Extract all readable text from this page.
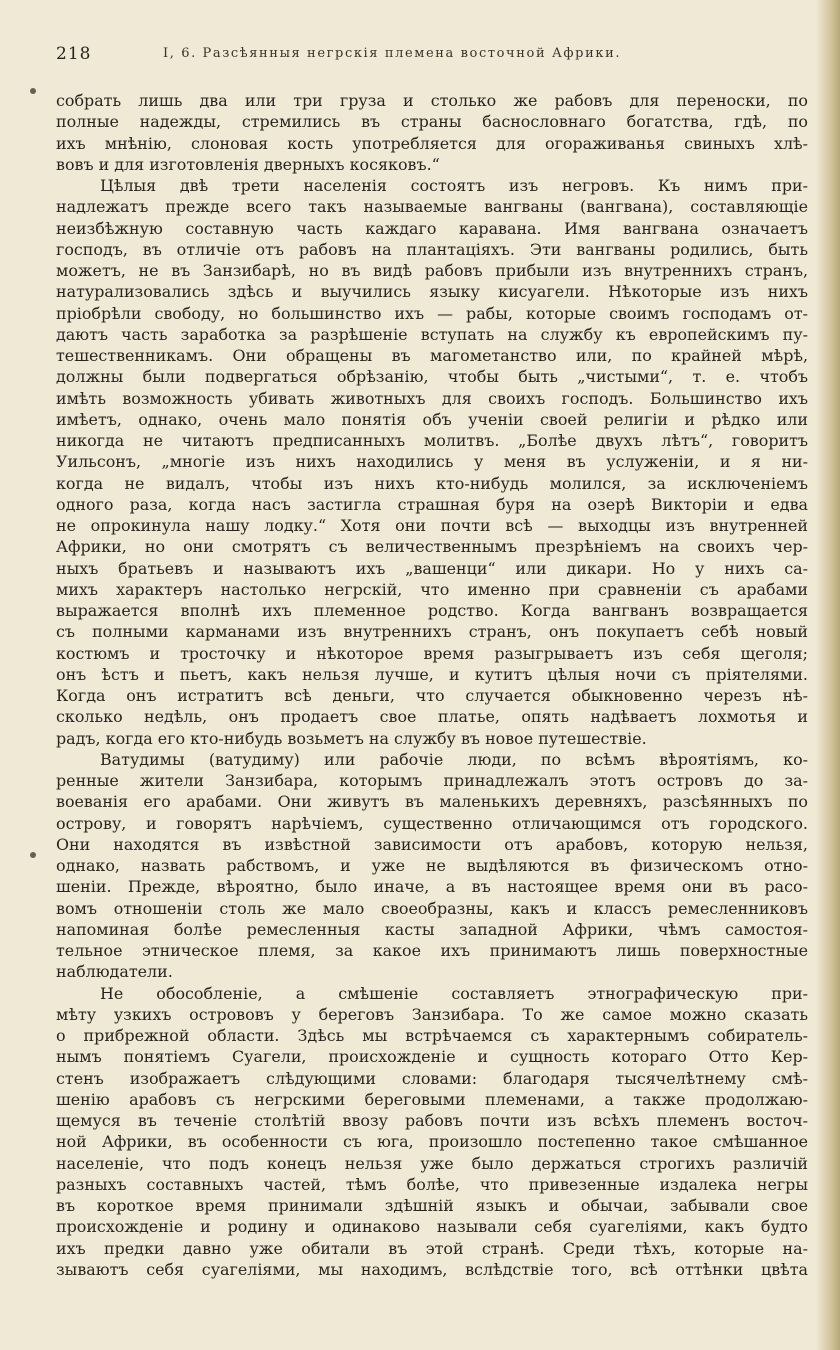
218	I, 6. Разсѣянныя негрскія племена восточной Африки.
собрать лишь два или три груза и столько же рабовъ для переноски, по
полные надежды, стремились въ страны баснословнаго богатства, гдѣ, по
ихъ мнѣнію, слоновая кость употребляется для огораживанья свиныхъ хлѣ-
вовъ и для изготовленія дверныхъ косяковъ.“
Цѣлыя двѣ трети населенія состоятъ изъ негровъ. Къ нимъ при-
надлежатъ прежде всего такъ называемые вангваны (вангвана), составляющіе
неизбѣжную составную часть каждаго каравана. Имя вангвана означаетъ
господъ, въ отличіе отъ рабовъ на плантаціяхъ. Эти вангваны родились, быть
можетъ, не въ Занзибарѣ, но въ видѣ рабовъ прибыли изъ внутреннихъ странъ,
натурализовались здѣсь и выучились языку кисуагели. Нѣкоторые изъ нихъ
пріобрѣли свободу, но большинство ихъ — рабы, которые своимъ господамъ от-
даютъ часть заработка за разрѣшеніе вступать на службу къ европейскимъ пу-
тешественникамъ. Они обращены въ магометанство или, по крайней мѣрѣ,
должны были подвергаться обрѣзанію, чтобы быть „чистыми“, т. е. чтобъ
имѣть возможность убивать животныхъ для своихъ господъ. Большинство ихъ
имѣетъ, однако, очень мало понятія объ ученіи своей религіи и рѣдко или
никогда не читаютъ предписанныхъ молитвъ. „Болѣе двухъ лѣтъ“, говоритъ
Уильсонъ, „многіе изъ нихъ находились у меня въ услуженіи, и я ни-
когда не видалъ, чтобы изъ нихъ кто-нибудь молился, за исключеніемъ
одного раза, когда насъ застигла страшная буря на озерѣ Викторіи и едва
не опрокинула нашу лодку.“ Хотя они почти всѣ — выходцы изъ внутренней
Африки, но они смотрятъ съ величественнымъ презрѣніемъ на своихъ чер-
ныхъ братьевъ и называютъ ихъ „вашенци“ или дикари. Но у нихъ са-
михъ характеръ настолько негрскій, что именно при сравненіи съ арабами
выражается вполнѣ ихъ племенное родство. Когда вангванъ возвращается
съ полными карманами изъ внутреннихъ странъ, онъ покупаетъ себѣ новый
костюмъ и тросточку и нѣкоторое время разыгрываетъ изъ себя щеголя;
онъ ѣстъ и пьетъ, какъ нельзя лучше, и кутитъ цѣлыя ночи съ пріятелями.
Когда онъ истратитъ всѣ деньги, что случается обыкновенно черезъ нѣ-
сколько недѣль, онъ продаетъ свое платье, опять надѣваетъ лохмотья и
радъ, когда его кто-нибудь возьметъ на службу въ новое путешествіе.
Ватудимы (ватудиму) или рабочіе люди, по всѣмъ вѣроятіямъ, ко-
ренные жители Занзибара, которымъ принадлежалъ этотъ островъ до за-
воеванія его арабами. Они живутъ въ маленькихъ деревняхъ, разсѣянныхъ по
острову, и говорятъ нарѣчіемъ, существенно отличающимся отъ городского.
Они находятся въ извѣстной зависимости отъ арабовъ, которую нельзя,
однако, назвать рабствомъ, и уже не выдѣляются въ физическомъ отно-
шеніи. Прежде, вѣроятно, было иначе, а въ настоящее время они въ расо-
вомъ отношеніи столь же мало своеобразны, какъ и классъ ремесленниковъ
напоминая болѣе ремесленныя касты западной Африки, чѣмъ самостоя-
тельное этническое племя, за какое ихъ принимаютъ лишь поверхностные
наблюдатели.
Не обособленіе, а смѣшеніе составляетъ этнографическую при-
мѣту узкихъ острововъ у береговъ Занзибара. То же самое можно сказать
о прибрежной области. Здѣсь мы встрѣчаемся съ характернымъ собиратель-
нымъ понятіемъ Суагели, происхожденіе и сущность котораго Отто Кер-
стенъ изображаетъ слѣдующими словами: благодаря тысячелѣтнему смѣ-
шенію арабовъ съ негрскими береговыми племенами, а также продолжаю-
щемуся въ теченіе столѣтій ввозу рабовъ почти изъ всѣхъ племенъ восточ-
ной Африки, въ особенности съ юга, произошло постепенно такое смѣшанное
населеніе, что подъ конецъ нельзя уже было держаться строгихъ различій
разныхъ составныхъ частей, тѣмъ болѣе, что привезенные издалека негры
въ короткое время принимали здѣшній языкъ и обычаи, забывали свое
происхожденіе и родину и одинаково называли себя суагеліями, какъ будто
ихъ предки давно уже обитали въ этой странѣ. Среди тѣхъ, которые на-
зываютъ себя суагеліями, мы находимъ, вслѣдствіе того, всѣ оттѣнки цвѣта
